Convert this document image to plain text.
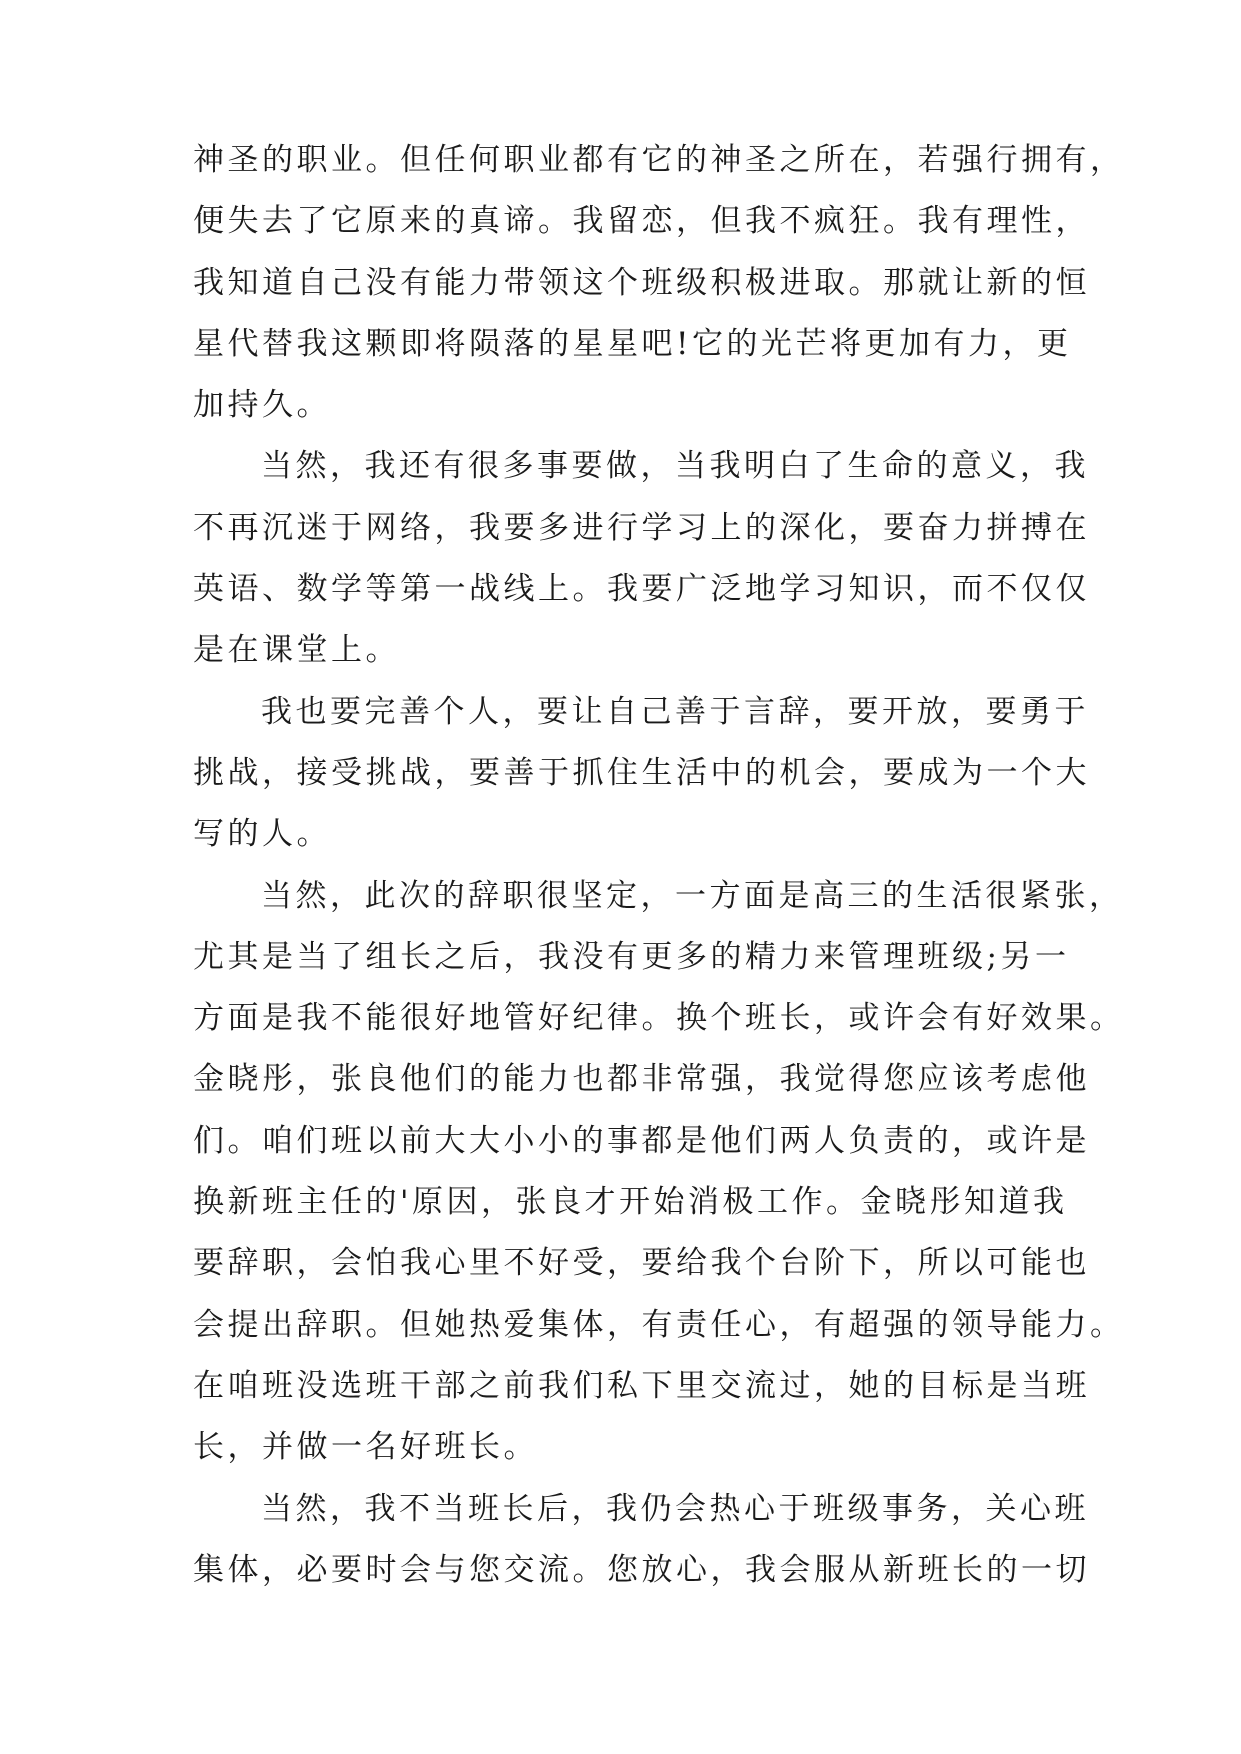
神圣的职业。但任何职业都有它的神圣之所在，若强行拥有，
便失去了它原来的真谛。我留恋，但我不疯狂。我有理性，
我知道自己没有能力带领这个班级积极进取。那就让新的恒
星代替我这颗即将陨落的星星吧!它的光芒将更加有力，更
加持久。
当然，我还有很多事要做，当我明白了生命的意义，我
不再沉迷于网络，我要多进行学习上的深化，要奋力拼搏在
英语、数学等第一战线上。我要广泛地学习知识，而不仅仅
是在课堂上。
我也要完善个人，要让自己善于言辞，要开放，要勇于
挑战，接受挑战，要善于抓住生活中的机会，要成为一个大
写的人。
当然，此次的辞职很坚定，一方面是高三的生活很紧张，
尤其是当了组长之后，我没有更多的精力来管理班级;另一
方面是我不能很好地管好纪律。换个班长，或许会有好效果。
金晓彤，张良他们的能力也都非常强，我觉得您应该考虑他
们。咱们班以前大大小小的事都是他们两人负责的，或许是
换新班主任的'原因，张良才开始消极工作。金晓彤知道我
要辞职，会怕我心里不好受，要给我个台阶下，所以可能也
会提出辞职。但她热爱集体，有责任心，有超强的领导能力。
在咱班没选班干部之前我们私下里交流过，她的目标是当班
长，并做一名好班长。
当然，我不当班长后，我仍会热心于班级事务，关心班
集体，必要时会与您交流。您放心，我会服从新班长的一切
